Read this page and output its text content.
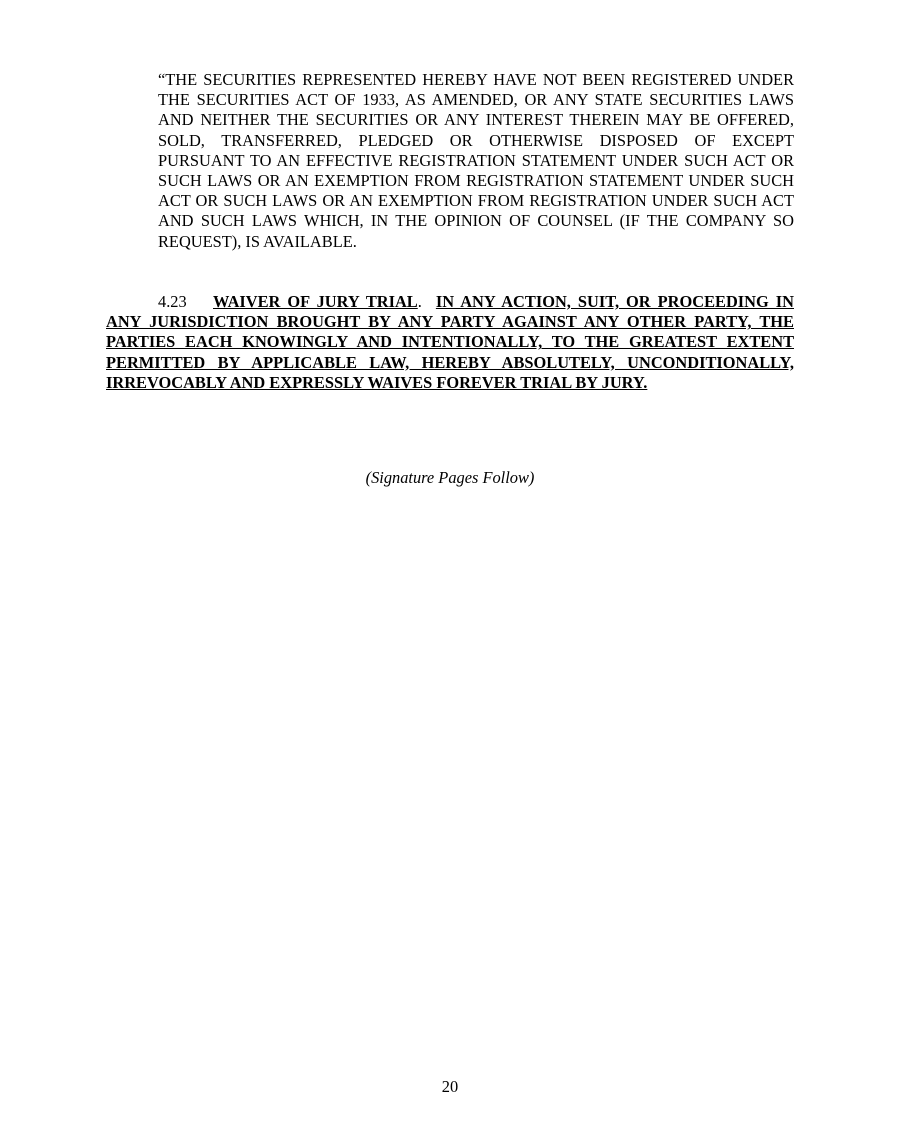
“THE SECURITIES REPRESENTED HEREBY HAVE NOT BEEN REGISTERED UNDER THE SECURITIES ACT OF 1933, AS AMENDED, OR ANY STATE SECURITIES LAWS AND NEITHER THE SECURITIES OR ANY INTEREST THEREIN MAY BE OFFERED, SOLD, TRANSFERRED, PLEDGED OR OTHERWISE DISPOSED OF EXCEPT PURSUANT TO AN EFFECTIVE REGISTRATION STATEMENT UNDER SUCH ACT OR SUCH LAWS OR AN EXEMPTION FROM REGISTRATION STATEMENT UNDER SUCH ACT OR SUCH LAWS OR AN EXEMPTION FROM REGISTRATION UNDER SUCH ACT AND SUCH LAWS WHICH, IN THE OPINION OF COUNSEL (IF THE COMPANY SO REQUEST), IS AVAILABLE.

4.23 WAIVER OF JURY TRIAL. IN ANY ACTION, SUIT, OR PROCEEDING IN ANY JURISDICTION BROUGHT BY ANY PARTY AGAINST ANY OTHER PARTY, THE PARTIES EACH KNOWINGLY AND INTENTIONALLY, TO THE GREATEST EXTENT PERMITTED BY APPLICABLE LAW, HEREBY ABSOLUTELY, UNCONDITIONALLY, IRREVOCABLY AND EXPRESSLY WAIVES FOREVER TRIAL BY JURY.

(Signature Pages Follow)

20
